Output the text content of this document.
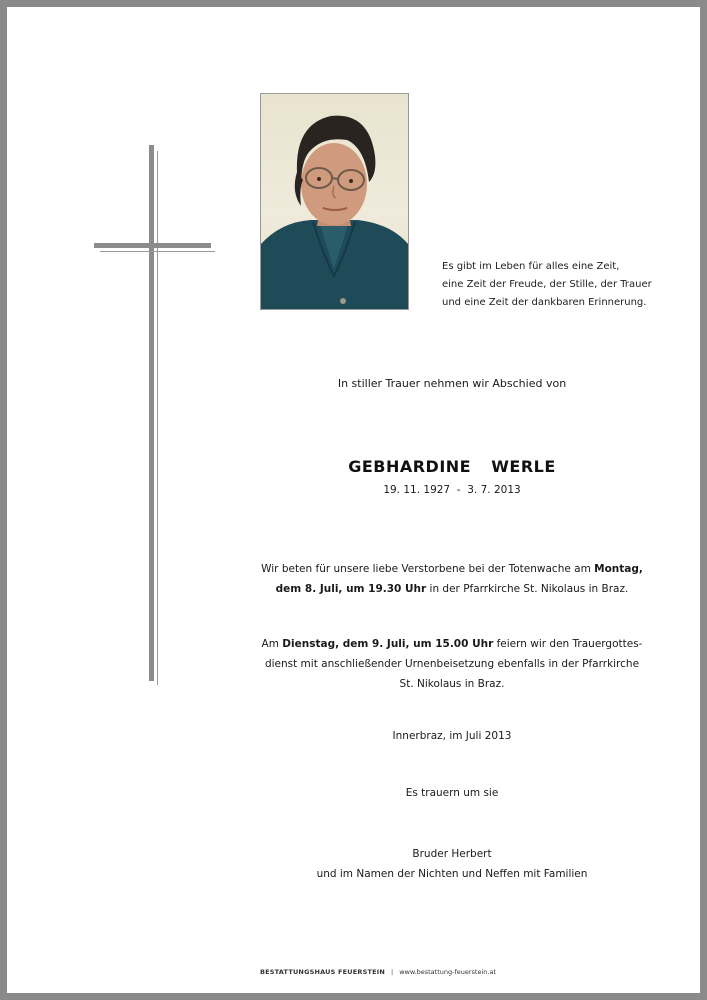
Es gibt im Leben für alles eine Zeit,
eine Zeit der Freude, der Stille, der Trauer
und eine Zeit der dankbaren Erinnerung.
In stiller Trauer nehmen wir Abschied von
GEBHARDINE  WERLE
19. 11. 1927  -  3. 7. 2013
Wir beten für unsere liebe Verstorbene bei der Totenwache am Montag,
dem 8. Juli, um 19.30 Uhr in der Pfarrkirche St. Nikolaus in Braz.
Am Dienstag, dem 9. Juli, um 15.00 Uhr feiern wir den Trauergottes-
dienst mit anschließender Urnenbeisetzung ebenfalls in der Pfarrkirche
St. Nikolaus in Braz.
Innerbraz, im Juli 2013
Es trauern um sie
Bruder Herbert
und im Namen der Nichten und Neffen mit Familien
BESTATTUNGSHAUS FEUERSTEIN | www.bestattung-feuerstein.at
